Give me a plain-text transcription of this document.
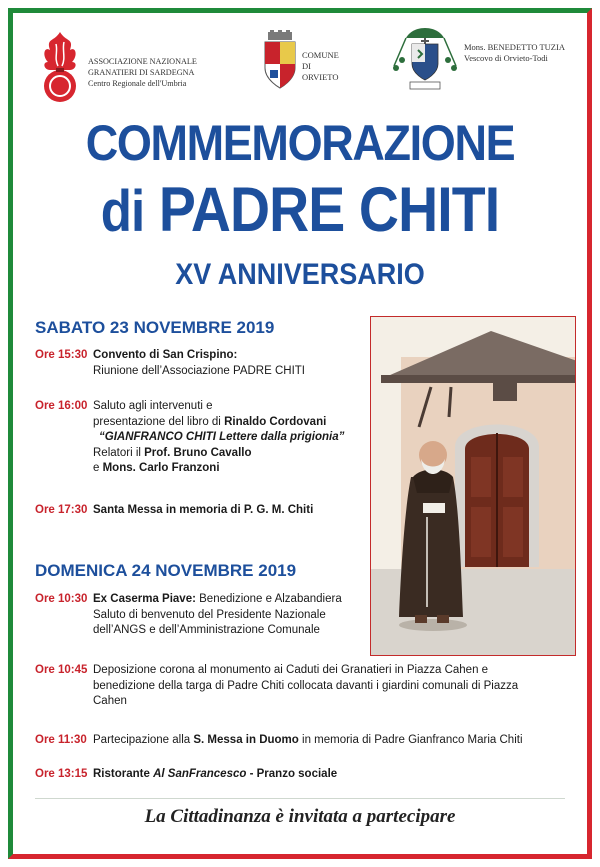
ASSOCIAZIONE NAZIONALE
GRANATIERI DI SARDEGNA
Centro Regionale dell'Umbria
COMUNE
DI
ORVIETO
Mons. BENEDETTO TUZIA
Vescovo di Orvieto-Todi
COMMEMORAZIONE
di PADRE CHITI
XV ANNIVERSARIO
SABATO 23 NOVEMBRE 2019
Ore 15:30 Convento di San Crispino:
Riunione dell’Associazione PADRE CHITI
Ore 16:00 Saluto agli intervenuti e
presentazione del libro di Rinaldo Cordovani
“GIANFRANCO CHITI Lettere dalla prigionia”
Relatori il Prof. Bruno Cavallo
e Mons. Carlo Franzoni
Ore 17:30 Santa Messa in memoria di P. G. M. Chiti
DOMENICA 24 NOVEMBRE 2019
Ore 10:30 Ex Caserma Piave: Benedizione e Alzabandiera
Saluto di benvenuto del Presidente Nazionale
dell’ANGS e dell’Amministrazione Comunale
Ore 10:45 Deposizione corona al monumento ai Caduti dei Granatieri in Piazza Cahen e
benedizione della targa di Padre Chiti collocata davanti i giardini comunali di Piazza
Cahen
Ore 11:30 Partecipazione alla S. Messa in Duomo in memoria di Padre Gianfranco Maria Chiti
Ore 13:15 Ristorante Al SanFrancesco - Pranzo sociale
La Cittadinanza è invitata a partecipare
